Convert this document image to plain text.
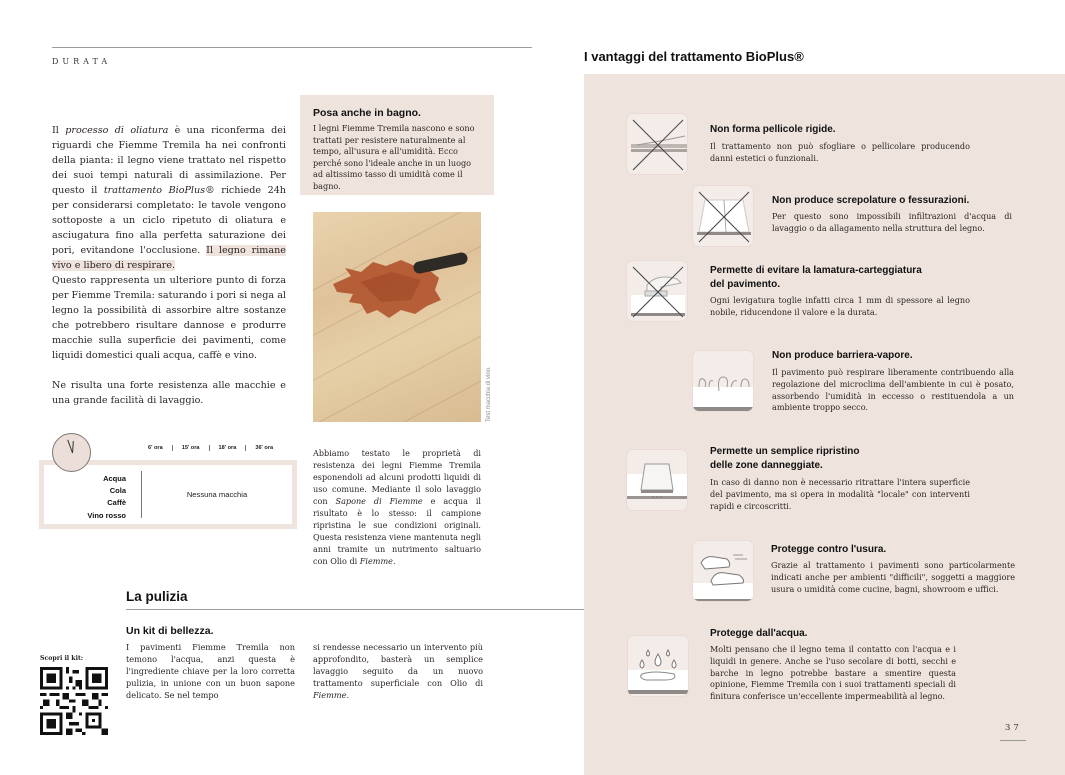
DURATA

Il processo di oliatura è una riconferma dei riguardi che Fiemme Tremila ha nei confronti della pianta: il legno viene trattato nel rispetto dei suoi tempi naturali di assimilazione. Per questo il trattamento BioPlus® richiede 24h per considerarsi completato: le tavole vengono sottoposte a un ciclo ripetuto di oliatura e asciugatura fino alla perfetta saturazione dei pori, evitandone l'occlusione. Il legno rimane vivo e libero di respirare.

Questo rappresenta un ulteriore punto di forza per Fiemme Tremila: saturando i pori si nega al legno la possibilità di assorbire altre sostanze che potrebbero risultare dannose e produrre macchie sulla superficie dei pavimenti, come liquidi domestici quali acqua, caffè e vino.

Ne risulta una forte resistenza alle macchie e una grande facilità di lavaggio.

Posa anche in bagno.

I legni Fiemme Tremila nascono e sono trattati per resistere naturalmente al tempo, all'usura e all'umidità. Ecco perché sono l'ideale anche in un luogo ad altissimo tasso di umidità come il bagno.

Test macchia di vino.
6' ora	15' ora	18' ora	36' ora
Acqua
Cola
Caffè
Vino rosso
Nessuna macchia
Abbiamo testato le proprietà di resistenza dei legni Fiemme Tremila esponendoli ad alcuni prodotti liquidi di uso comune. Mediante il solo lavaggio con Sapone di Fiemme e acqua il risultato è lo stesso: il campione ripristina le sue condizioni originali. Questa resistenza viene mantenuta negli anni tramite un nutrimento saltuario con Olio di Fiemme.
La pulizia
Un kit di bellezza.
I pavimenti Fiemme Tremila non temono l'acqua, anzi questa è l'ingrediente chiave per la loro corretta pulizia, in unione con un buon sapone delicato. Se nel tempo
si rendesse necessario un intervento più approfondito, basterà un semplice lavaggio seguito da un nuovo trattamento superficiale con Olio di Fiemme.
Scopri il kit:
I vantaggi del trattamento BioPlus®
Non forma pellicole rigide.

Il trattamento non può sfogliare o pellicolare producendo danni estetici o funzionali.

Non produce screpolature o fessurazioni.

Per questo sono impossibili infiltrazioni d'acqua di lavaggio o da allagamento nella struttura del legno.

Permette di evitare la lamatura-carteggiatura
del pavimento.

Ogni levigatura toglie infatti circa 1 mm di spessore al legno nobile, riducendone il valore e la durata.

Non produce barriera-vapore.

Il pavimento può respirare liberamente contribuendo alla regolazione del microclima dell'ambiente in cui è posato, assorbendo l'umidità in eccesso o restituendola a un ambiente troppo secco.

Permette un semplice ripristino
delle zone danneggiate.

In caso di danno non è necessario ritrattare l'intera superficie del pavimento, ma si opera in modalità "locale" con interventi rapidi e circoscritti.

Protegge contro l'usura.

Grazie al trattamento i pavimenti sono particolarmente indicati anche per ambienti "difficili", soggetti a maggiore usura o umidità come cucine, bagni, showroom e uffici.

Protegge dall'acqua.

Molti pensano che il legno tema il contatto con l'acqua e i liquidi in genere. Anche se l'uso secolare di botti, secchi e barche in legno potrebbe bastare a smentire questa opinione, Fiemme Tremila con i suoi trattamenti speciali di finitura conferisce un'eccellente impermeabilità al legno.

37
